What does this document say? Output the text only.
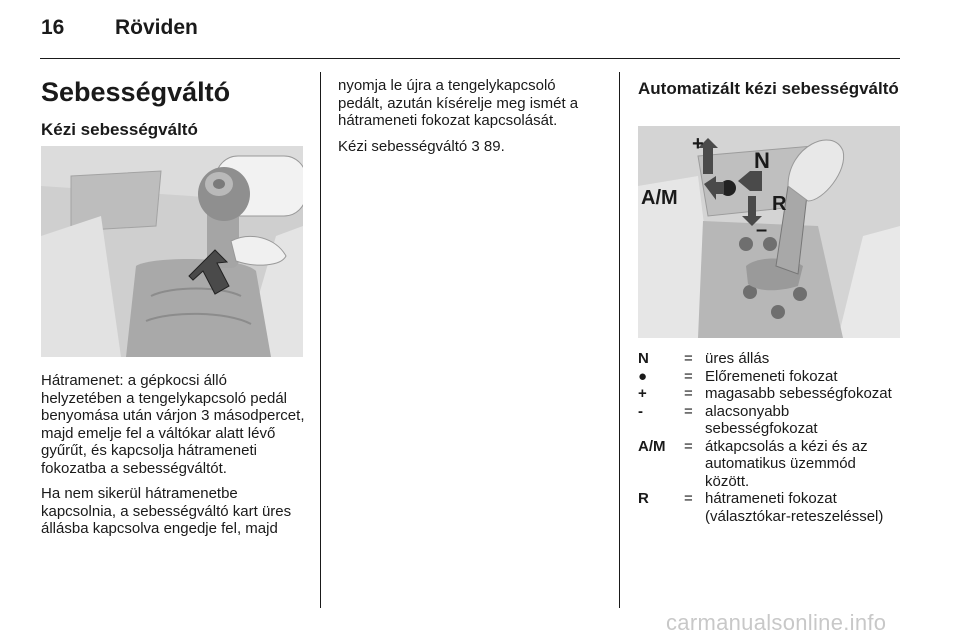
16 Röviden
Sebességváltó
Kézi sebességváltó

Hátramenet: a gépkocsi álló helyzetében a tengelykapcsoló pedál benyomása után várjon 3 másodpercet, majd emelje fel a váltókar alatt lévő gyűrűt, és kapcsolja hátrameneti fokozatba a sebességváltót.

Ha nem sikerül hátramenetbe kapcsolnia, a sebességváltó kart üres állásba kapcsolva engedje fel, majd

nyomja le újra a tengelykapcsoló pedált, azután kísérelje meg ismét a hátrameneti fokozat kapcsolását.

Kézi sebességváltó 3 89.

Automatizált kézi sebességváltó
A/M
N
R
+
–
N	= üres állás
●	= Előremeneti fokozat
+	= magasabb sebességfokozat
-	= alacsonyabb sebességfokozat
A/M	= átkapcsolás a kézi és az automatikus üzemmód között.
R	= hátrameneti fokozat (választókar-reteszeléssel)
carmanualsonline.info
